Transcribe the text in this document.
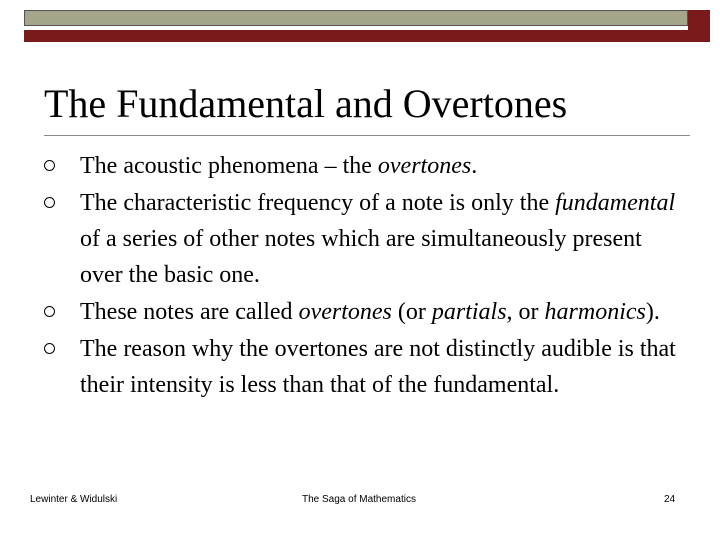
The Fundamental and Overtones
The acoustic phenomena – the overtones.
The characteristic frequency of a note is only the fundamental of a series of other notes which are simultaneously present over the basic one.
These notes are called overtones (or partials, or harmonics).
The reason why the overtones are not distinctly audible is that their intensity is less than that of the fundamental.
Lewinter & Widulski	The Saga of Mathematics	24
